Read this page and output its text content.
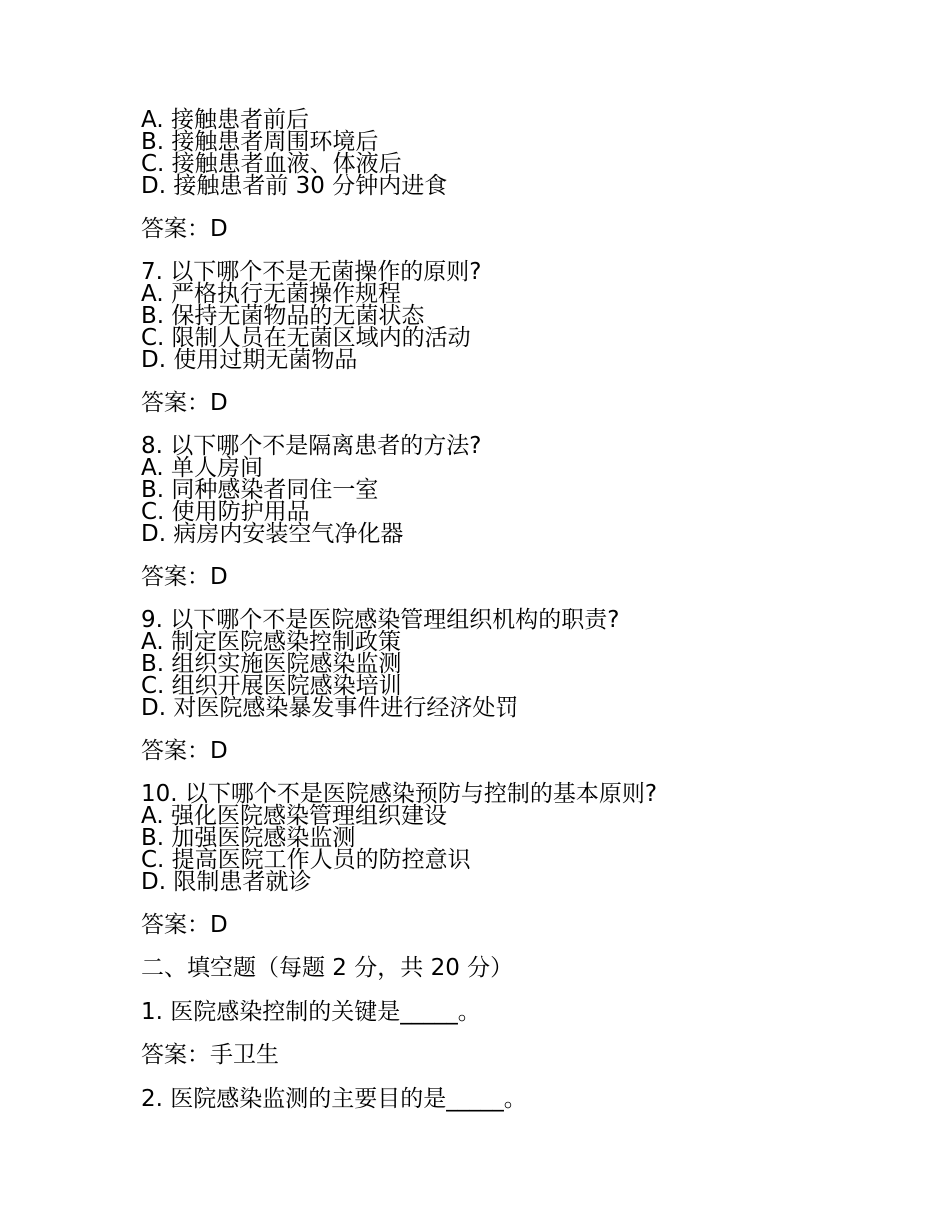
A. 接触患者前后

B. 接触患者周围环境后

C. 接触患者血液、体液后

D. 接触患者前 30 分钟内进食

答案：D

7. 以下哪个不是无菌操作的原则?

A. 严格执行无菌操作规程

B. 保持无菌物品的无菌状态

C. 限制人员在无菌区域内的活动

D. 使用过期无菌物品

答案：D

8. 以下哪个不是隔离患者的方法?

A. 单人房间

B. 同种感染者同住一室

C. 使用防护用品

D. 病房内安装空气净化器

答案：D

9. 以下哪个不是医院感染管理组织机构的职责?

A. 制定医院感染控制政策

B. 组织实施医院感染监测

C. 组织开展医院感染培训

D. 对医院感染暴发事件进行经济处罚

答案：D

10. 以下哪个不是医院感染预防与控制的基本原则?

A. 强化医院感染管理组织建设

B. 加强医院感染监测

C. 提高医院工作人员的防控意识

D. 限制患者就诊

答案：D

二、填空题（每题 2 分，共 20 分）

1. 医院感染控制的关键是_____。

答案：手卫生

2. 医院感染监测的主要目的是_____。
